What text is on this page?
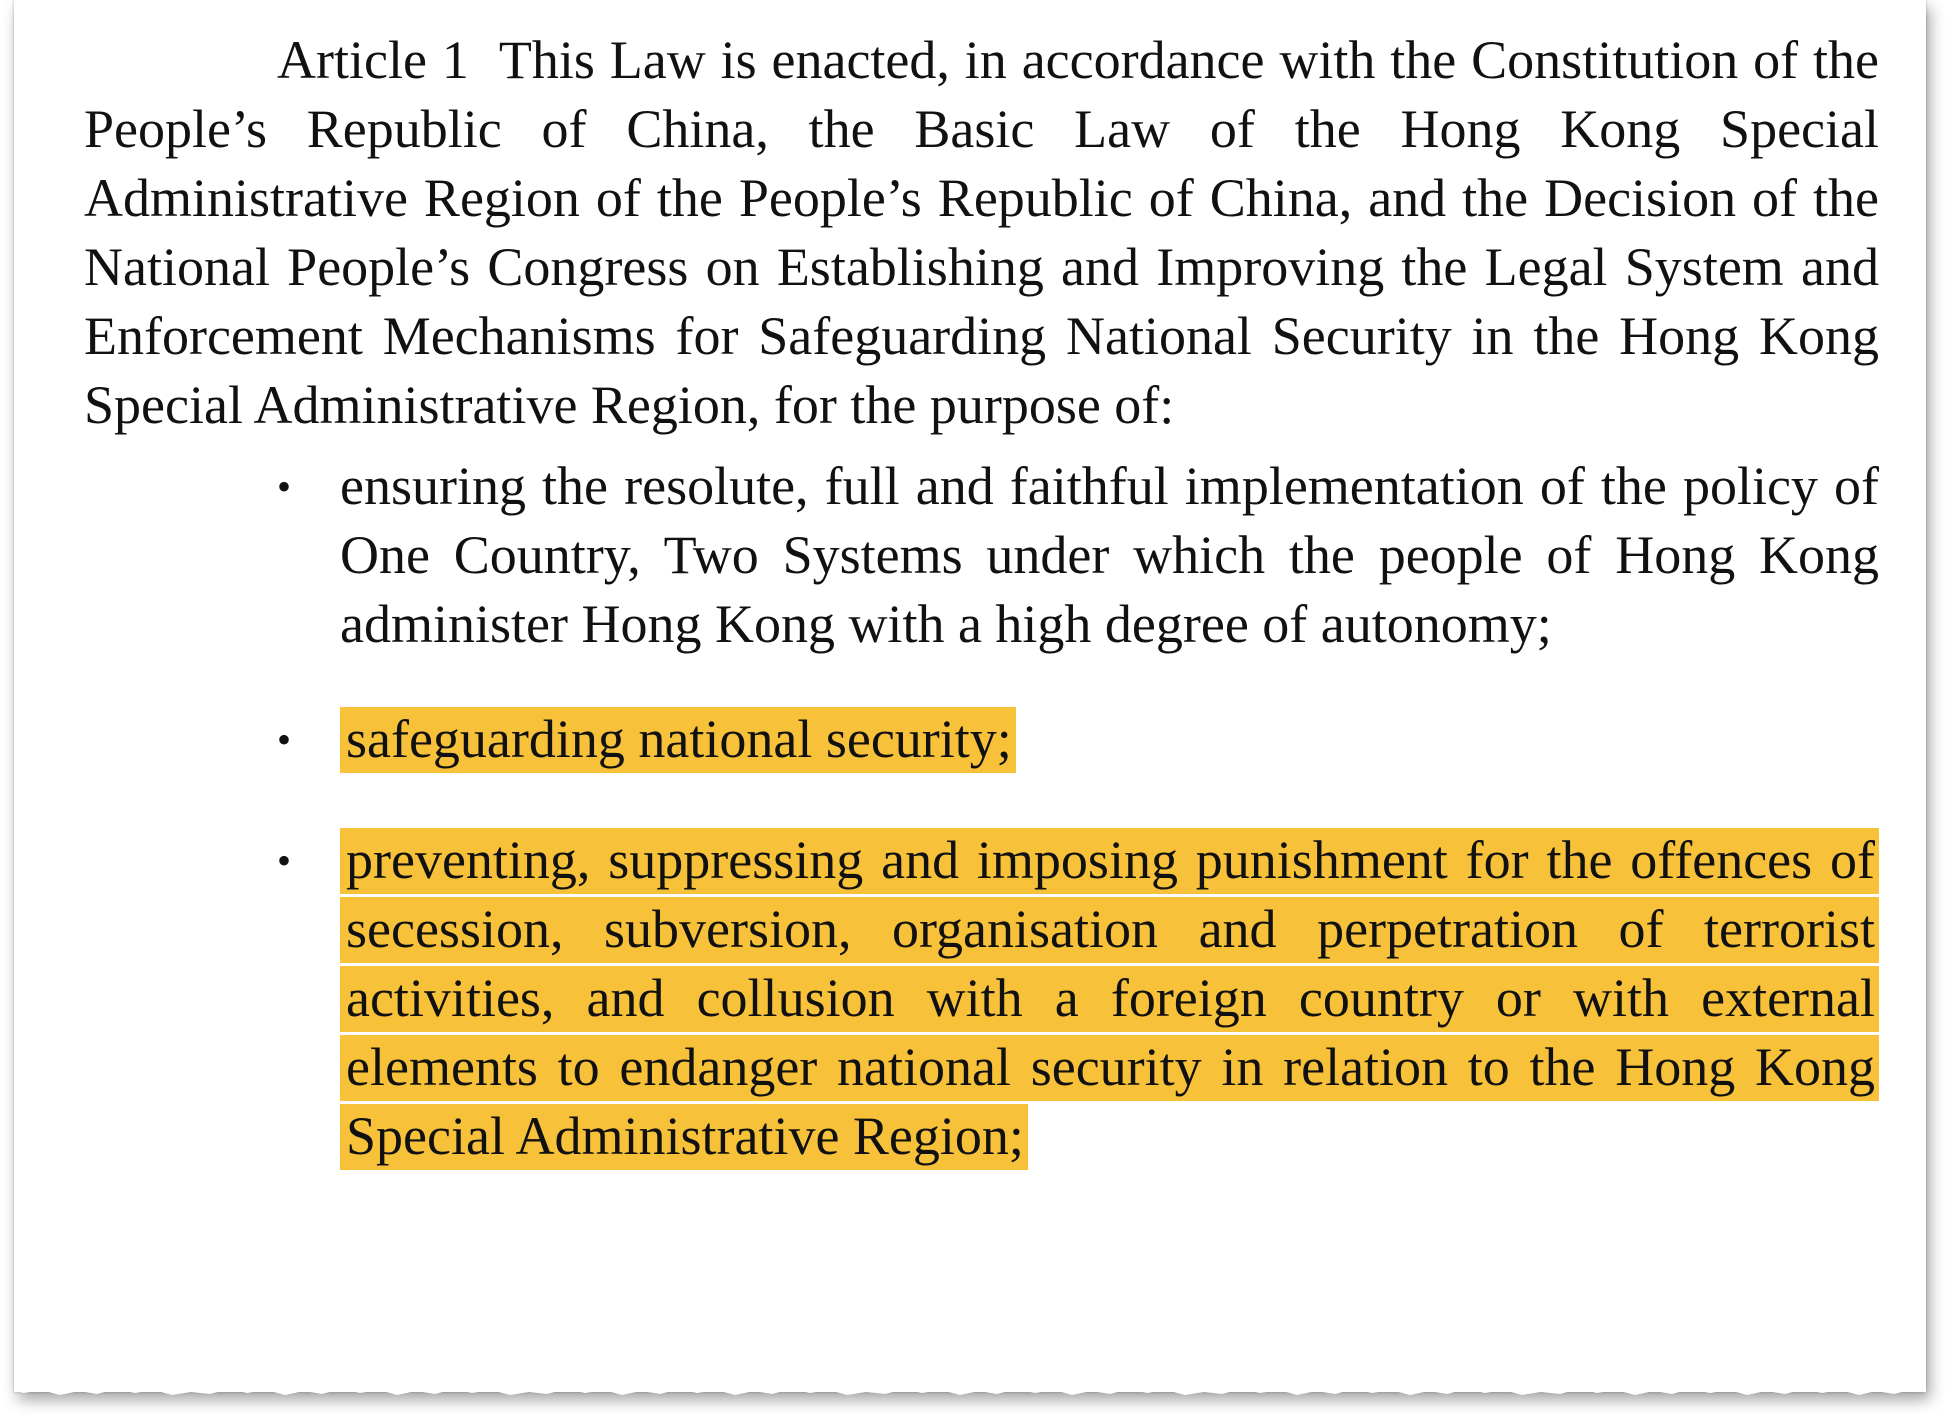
Article 1 This Law is enacted, in accordance with the Constitution of the People’s Republic of China, the Basic Law of the Hong Kong Special Administrative Region of the People’s Republic of China, and the Decision of the National People’s Congress on Establishing and Improving the Legal System and Enforcement Mechanisms for Safeguarding National Security in the Hong Kong Special Administrative Region, for the purpose of:

• ensuring the resolute, full and faithful implementation of the policy of One Country, Two Systems under which the people of Hong Kong administer Hong Kong with a high degree of autonomy;
• safeguarding national security;
• preventing, suppressing and imposing punishment for the offences of secession, subversion, organisation and perpetration of terrorist activities, and collusion with a foreign country or with external elements to endanger national security in relation to the Hong Kong Special Administrative Region;
